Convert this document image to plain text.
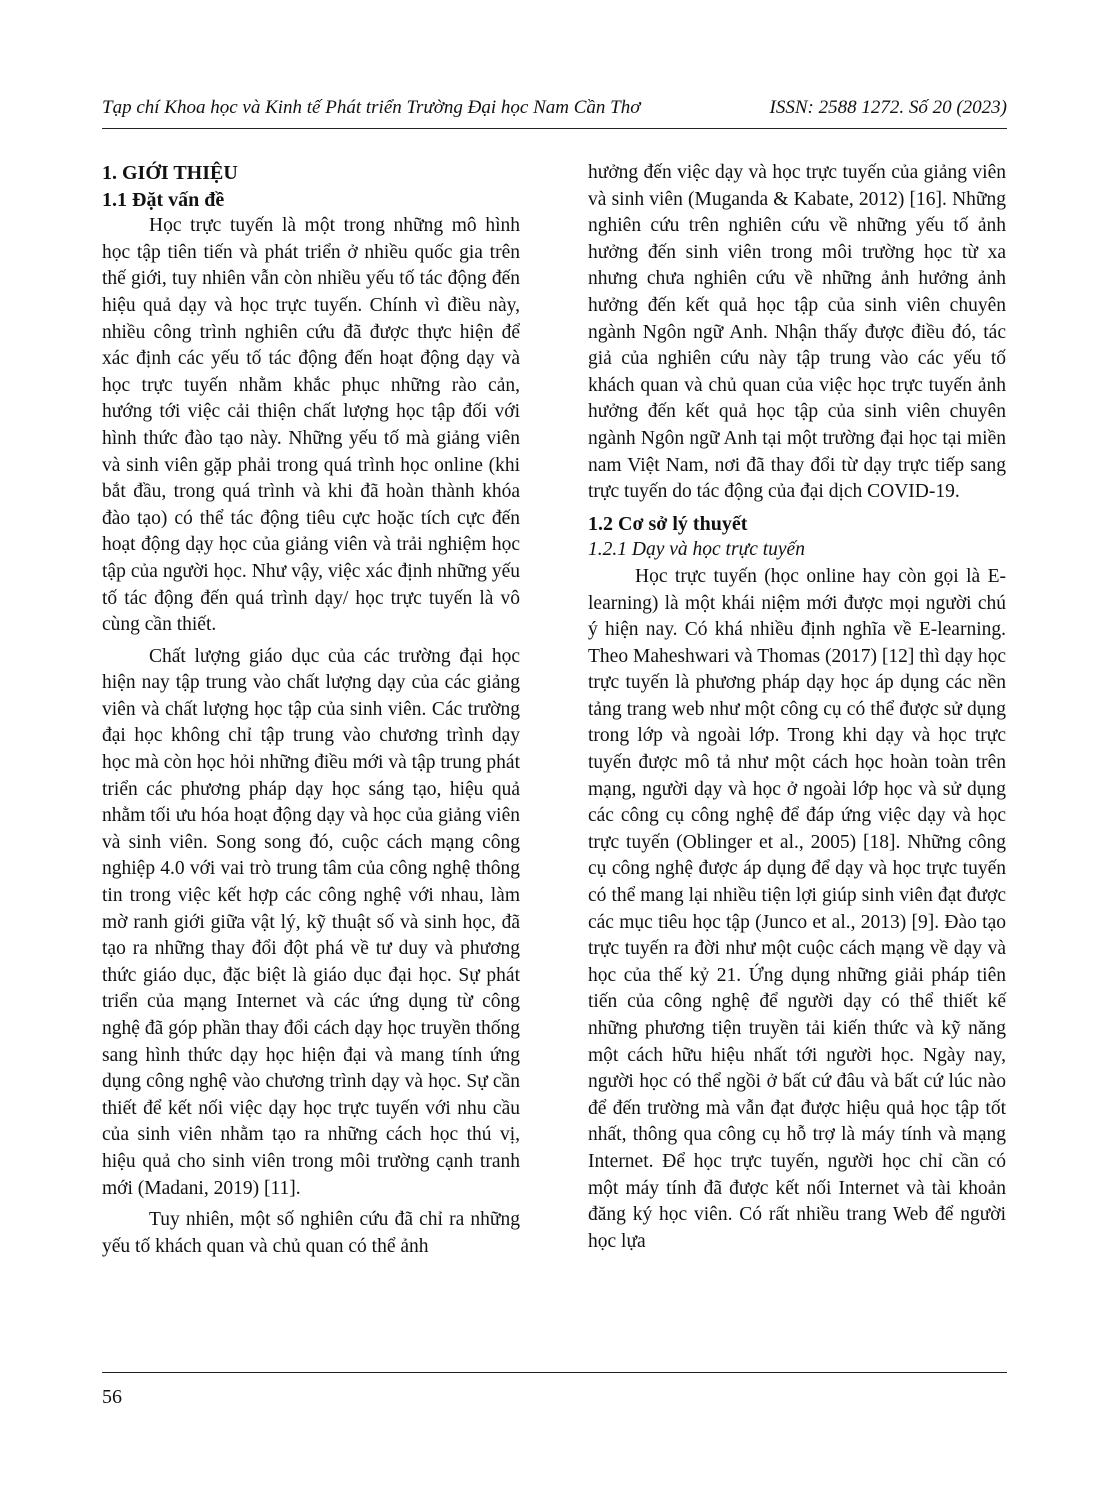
Tạp chí Khoa học và Kinh tế Phát triển Trường Đại học Nam Cần Thơ	ISSN: 2588 1272. Số 20 (2023)

1. GIỚI THIỆU

1.1 Đặt vấn đề

Học trực tuyến là một trong những mô hình học tập tiên tiến và phát triển ở nhiều quốc gia trên thế giới, tuy nhiên vẫn còn nhiều yếu tố tác động đến hiệu quả dạy và học trực tuyến. Chính vì điều này, nhiều công trình nghiên cứu đã được thực hiện để xác định các yếu tố tác động đến hoạt động dạy và học trực tuyến nhằm khắc phục những rào cản, hướng tới việc cải thiện chất lượng học tập đối với hình thức đào tạo này. Những yếu tố mà giảng viên và sinh viên gặp phải trong quá trình học online (khi bắt đầu, trong quá trình và khi đã hoàn thành khóa đào tạo) có thể tác động tiêu cực hoặc tích cực đến hoạt động dạy học của giảng viên và trải nghiệm học tập của người học. Như vậy, việc xác định những yếu tố tác động đến quá trình dạy/ học trực tuyến là vô cùng cần thiết.

Chất lượng giáo dục của các trường đại học hiện nay tập trung vào chất lượng dạy của các giảng viên và chất lượng học tập của sinh viên. Các trường đại học không chỉ tập trung vào chương trình dạy học mà còn học hỏi những điều mới và tập trung phát triển các phương pháp dạy học sáng tạo, hiệu quả nhằm tối ưu hóa hoạt động dạy và học của giảng viên và sinh viên. Song song đó, cuộc cách mạng công nghiệp 4.0 với vai trò trung tâm của công nghệ thông tin trong việc kết hợp các công nghệ với nhau, làm mờ ranh giới giữa vật lý, kỹ thuật số và sinh học, đã tạo ra những thay đổi đột phá về tư duy và phương thức giáo dục, đặc biệt là giáo dục đại học. Sự phát triển của mạng Internet và các ứng dụng từ công nghệ đã góp phần thay đổi cách dạy học truyền thống sang hình thức dạy học hiện đại và mang tính ứng dụng công nghệ vào chương trình dạy và học. Sự cần thiết để kết nối việc dạy học trực tuyến với nhu cầu của sinh viên nhằm tạo ra những cách học thú vị, hiệu quả cho sinh viên trong môi trường cạnh tranh mới (Madani, 2019) [11].

Tuy nhiên, một số nghiên cứu đã chỉ ra những yếu tố khách quan và chủ quan có thể ảnh

hưởng đến việc dạy và học trực tuyến của giảng viên và sinh viên (Muganda & Kabate, 2012) [16]. Những nghiên cứu trên nghiên cứu về những yếu tố ảnh hưởng đến sinh viên trong môi trường học từ xa nhưng chưa nghiên cứu về những ảnh hưởng ảnh hưởng đến kết quả học tập của sinh viên chuyên ngành Ngôn ngữ Anh. Nhận thấy được điều đó, tác giả của nghiên cứu này tập trung vào các yếu tố khách quan và chủ quan của việc học trực tuyến ảnh hưởng đến kết quả học tập của sinh viên chuyên ngành Ngôn ngữ Anh tại một trường đại học tại miền nam Việt Nam, nơi đã thay đổi từ dạy trực tiếp sang trực tuyến do tác động của đại dịch COVID-19.

1.2 Cơ sở lý thuyết

1.2.1 Dạy và học trực tuyến

Học trực tuyến (học online hay còn gọi là E-learning) là một khái niệm mới được mọi người chú ý hiện nay. Có khá nhiều định nghĩa về E-learning. Theo Maheshwari và Thomas (2017) [12] thì dạy học trực tuyến là phương pháp dạy học áp dụng các nền tảng trang web như một công cụ có thể được sử dụng trong lớp và ngoài lớp. Trong khi dạy và học trực tuyến được mô tả như một cách học hoàn toàn trên mạng, người dạy và học ở ngoài lớp học và sử dụng các công cụ công nghệ để đáp ứng việc dạy và học trực tuyến (Oblinger et al., 2005) [18]. Những công cụ công nghệ được áp dụng để dạy và học trực tuyến có thể mang lại nhiều tiện lợi giúp sinh viên đạt được các mục tiêu học tập (Junco et al., 2013) [9]. Đào tạo trực tuyến ra đời như một cuộc cách mạng về dạy và học của thế kỷ 21. Ứng dụng những giải pháp tiên tiến của công nghệ để người dạy có thể thiết kế những phương tiện truyền tải kiến thức và kỹ năng một cách hữu hiệu nhất tới người học. Ngày nay, người học có thể ngồi ở bất cứ đâu và bất cứ lúc nào để đến trường mà vẫn đạt được hiệu quả học tập tốt nhất, thông qua công cụ hỗ trợ là máy tính và mạng Internet. Để học trực tuyến, người học chỉ cần có một máy tính đã được kết nối Internet và tài khoản đăng ký học viên. Có rất nhiều trang Web để người học lựa

56
